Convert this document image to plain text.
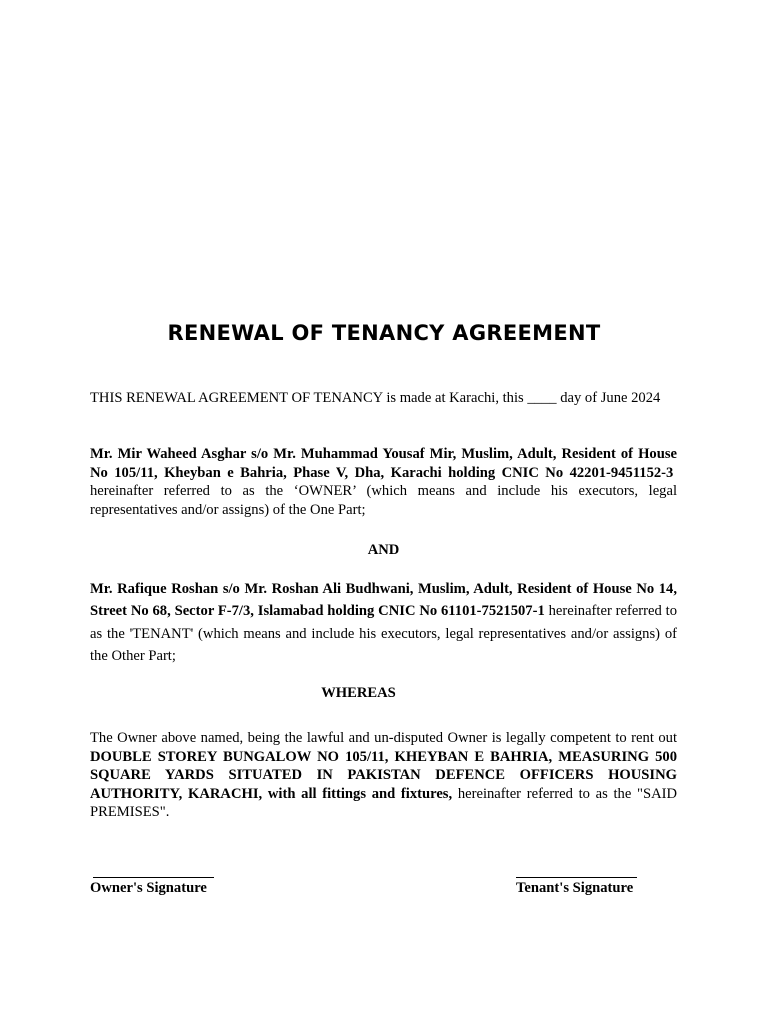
RENEWAL OF TENANCY AGREEMENT

THIS RENEWAL AGREEMENT OF TENANCY is made at Karachi, this ____ day of June 2024

Mr. Mir Waheed Asghar s/o Mr. Muhammad Yousaf Mir, Muslim, Adult, Resident of House No 105/11, Kheyban e Bahria, Phase V, Dha, Karachi holding CNIC No 42201-9451152-3  hereinafter referred to as the ‘OWNER’ (which means and include his executors, legal representatives and/or assigns) of the One Part;

AND

Mr. Rafique Roshan s/o Mr. Roshan Ali Budhwani, Muslim, Adult, Resident of House No 14, Street No 68, Sector F-7/3, Islamabad holding CNIC No 61101-7521507-1 hereinafter referred to as the 'TENANT' (which means and include his executors, legal representatives and/or assigns) of the Other Part;

WHEREAS

The Owner above named, being the lawful and un-disputed Owner is legally competent to rent out DOUBLE STOREY BUNGALOW NO 105/11, KHEYBAN E BAHRIA, MEASURING 500 SQUARE YARDS SITUATED IN PAKISTAN DEFENCE OFFICERS HOUSING AUTHORITY, KARACHI, with all fittings and fixtures, hereinafter referred to as the "SAID PREMISES".

Owner's Signature	Tenant's Signature
